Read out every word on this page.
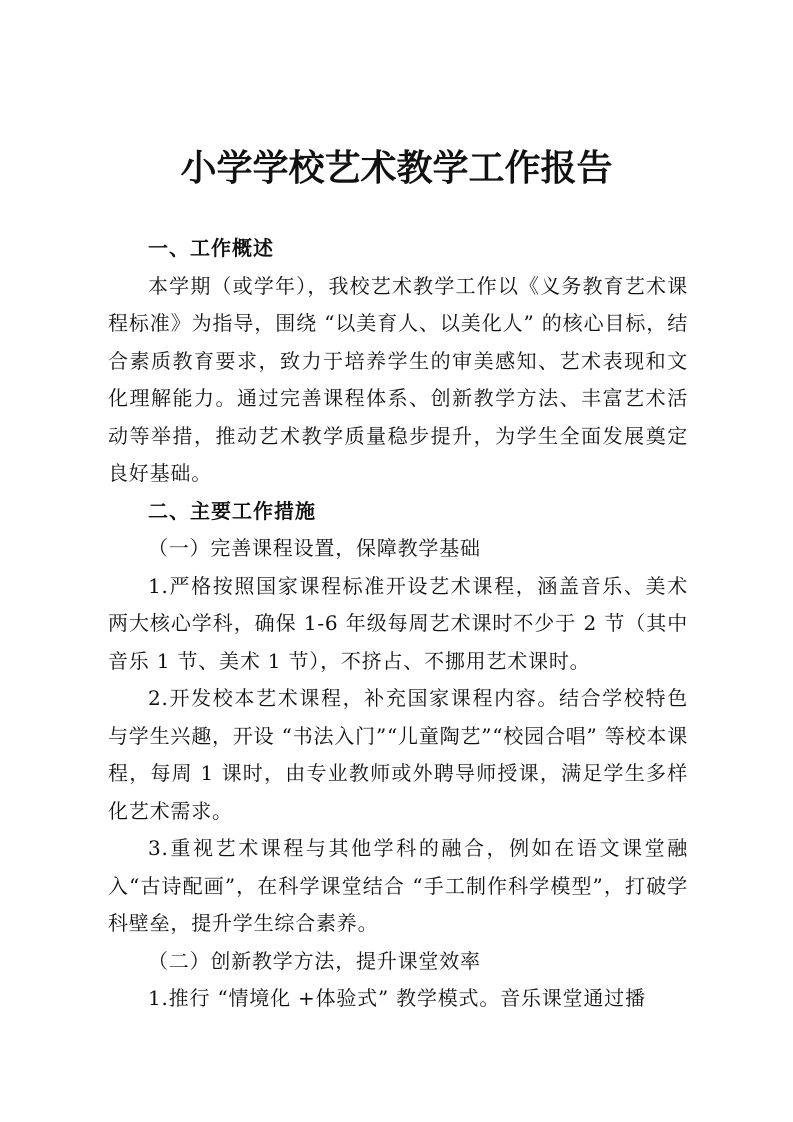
小学学校艺术教学工作报告

一、工作概述

本学期（或学年），我校艺术教学工作以《义务教育艺术课程标准》为指导，围绕 “以美育人、以美化人” 的核心目标，结合素质教育要求，致力于培养学生的审美感知、艺术表现和文化理解能力。通过完善课程体系、创新教学方法、丰富艺术活动等举措，推动艺术教学质量稳步提升，为学生全面发展奠定良好基础。

二、主要工作措施

（一）完善课程设置，保障教学基础

1.严格按照国家课程标准开设艺术课程，涵盖音乐、美术两大核心学科，确保 1-6 年级每周艺术课时不少于 2 节（其中音乐 1 节、美术 1 节），不挤占、不挪用艺术课时。

2.开发校本艺术课程，补充国家课程内容。结合学校特色与学生兴趣，开设 “书法入门”“儿童陶艺”“校园合唱” 等校本课程，每周 1 课时，由专业教师或外聘导师授课，满足学生多样化艺术需求。

3.重视艺术课程与其他学科的融合，例如在语文课堂融入“古诗配画”，在科学课堂结合 “手工制作科学模型”，打破学科壁垒，提升学生综合素养。

（二）创新教学方法，提升课堂效率

1.推行 “情境化 +体验式” 教学模式。音乐课堂通过播
